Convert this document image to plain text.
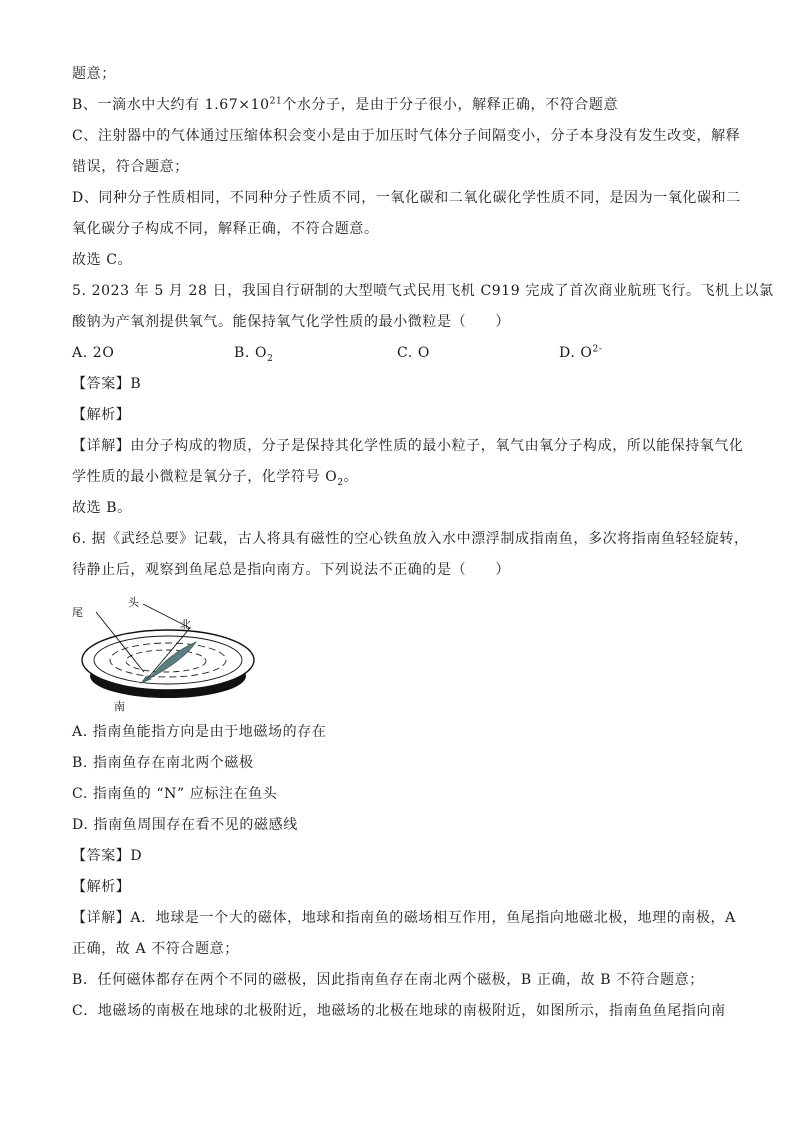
题意；
B、一滴水中大约有 $1.67\times 10^{21}$个水分子，是由于分子很小，解释正确，不符合题意
C、注射器中的气体通过压缩体积会变小是由于加压时气体分子间隔变小，分子本身没有发生改变，解释
错误，符合题意；
D、同种分子性质相同，不同种分子性质不同，一氧化碳和二氧化碳化学性质不同，是因为一氧化碳和二
氧化碳分子构成不同，解释正确，不符合题意。
故选 C。
5. 2023 年 5 月 28 日，我国自行研制的大型喷气式民用飞机 C919 完成了首次商业航班飞行。飞机上以氯
酸钠为产氧剂提供氧气。能保持氧气化学性质的最小微粒是（　　）
A. 2O	B. $O_2$	C. O	D. $O^{2-}$
【答案】B
【解析】
【详解】由分子构成的物质，分子是保持其化学性质的最小粒子，氧气由氧分子构成，所以能保持氧气化
学性质的最小微粒是氧分子，化学符号 $O_2$。
故选 B。
6. 据《武经总要》记载，古人将具有磁性的空心铁鱼放入水中漂浮制成指南鱼，多次将指南鱼轻轻旋转，
待静止后，观察到鱼尾总是指向南方。下列说法不正确的是（　　）
尾
头
北
南
A. 指南鱼能指方向是由于地磁场的存在
B. 指南鱼存在南北两个磁极
C. 指南鱼的 “N” 应标注在鱼头
D. 指南鱼周围存在看不见的磁感线
【答案】D
【解析】
【详解】A．地球是一个大的磁体，地球和指南鱼的磁场相互作用，鱼尾指向地磁北极，地理的南极，A
正确，故 A 不符合题意；
B．任何磁体都存在两个不同的磁极，因此指南鱼存在南北两个磁极，B 正确，故 B 不符合题意；
C．地磁场的南极在地球的北极附近，地磁场的北极在地球的南极附近，如图所示，指南鱼鱼尾指向南
